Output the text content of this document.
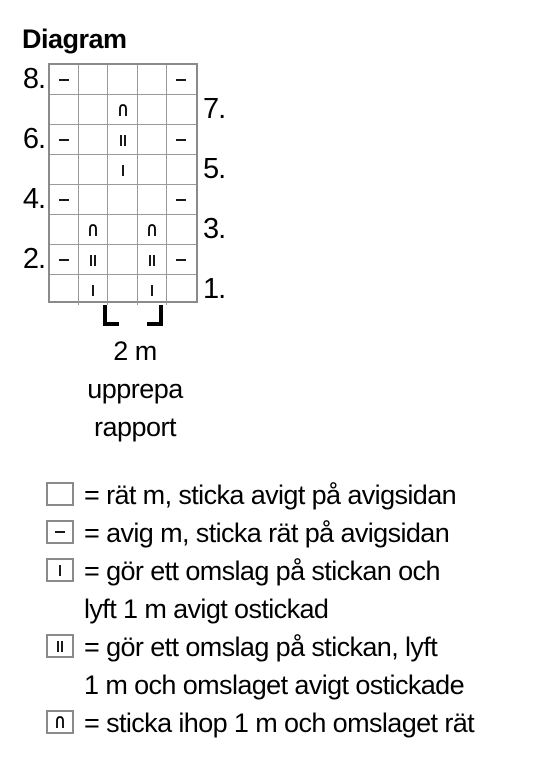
Diagram
8.
7.
6.
5.
4.
3.
2.
1.
2 m
upprepa
rapport
= rät m, sticka avigt på avigsidan
= avig m, sticka rät på avigsidan
= gör ett omslag på stickan och
lyft 1 m avigt ostickad
= gör ett omslag på stickan, lyft
1 m och omslaget avigt ostickade
= sticka ihop 1 m och omslaget rät
